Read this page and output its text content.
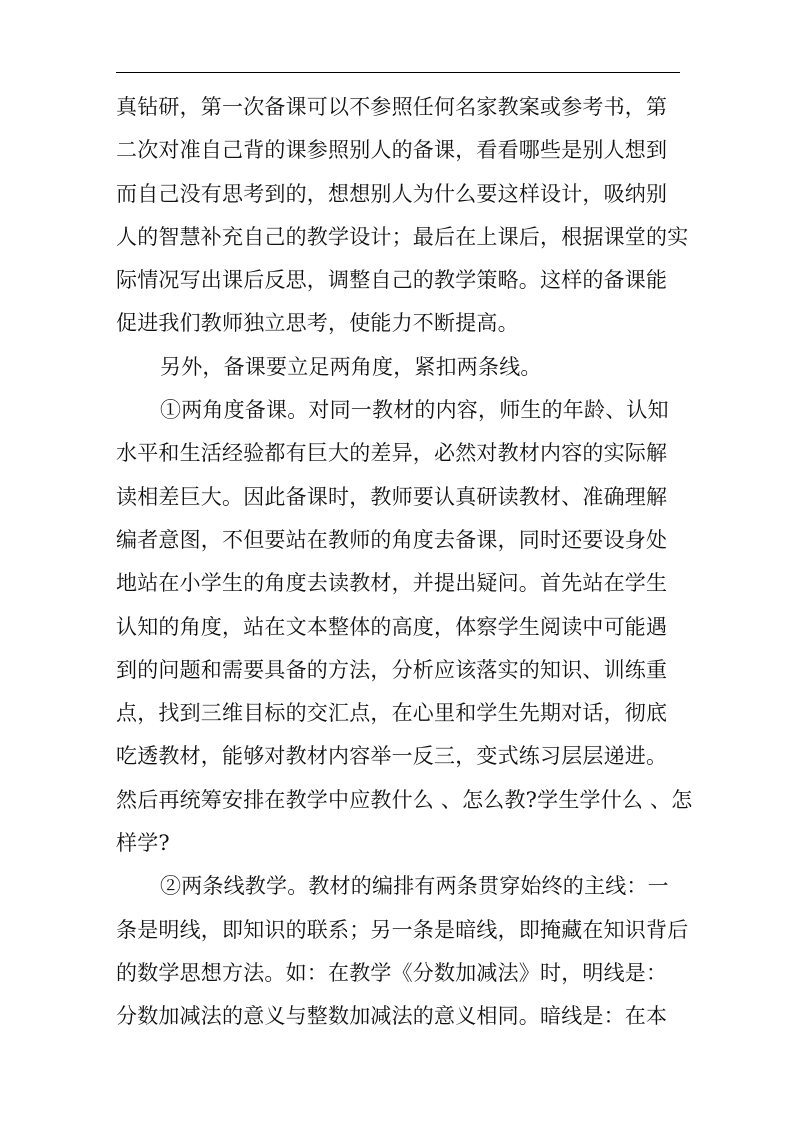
真钻研，第一次备课可以不参照任何名家教案或参考书，第
二次对准自己背的课参照别人的备课，看看哪些是别人想到
而自己没有思考到的，想想别人为什么要这样设计，吸纳别
人的智慧补充自己的教学设计；最后在上课后，根据课堂的实
际情况写出课后反思，调整自己的教学策略。这样的备课能
促进我们教师独立思考，使能力不断提高。
另外，备课要立足两角度，紧扣两条线。
①两角度备课。对同一教材的内容，师生的年龄、认知
水平和生活经验都有巨大的差异，必然对教材内容的实际解
读相差巨大。因此备课时，教师要认真研读教材、准确理解
编者意图，不但要站在教师的角度去备课，同时还要设身处
地站在小学生的角度去读教材，并提出疑问。首先站在学生
认知的角度，站在文本整体的高度，体察学生阅读中可能遇
到的问题和需要具备的方法，分析应该落实的知识、训练重
点，找到三维目标的交汇点，在心里和学生先期对话，彻底
吃透教材，能够对教材内容举一反三，变式练习层层递进。
然后再统筹安排在教学中应教什么 、怎么教?学生学什么 、怎
样学?
②两条线教学。教材的编排有两条贯穿始终的主线：一
条是明线，即知识的联系；另一条是暗线，即掩藏在知识背后
的数学思想方法。如：在教学《分数加减法》时，明线是：
分数加减法的意义与整数加减法的意义相同。暗线是：在本
